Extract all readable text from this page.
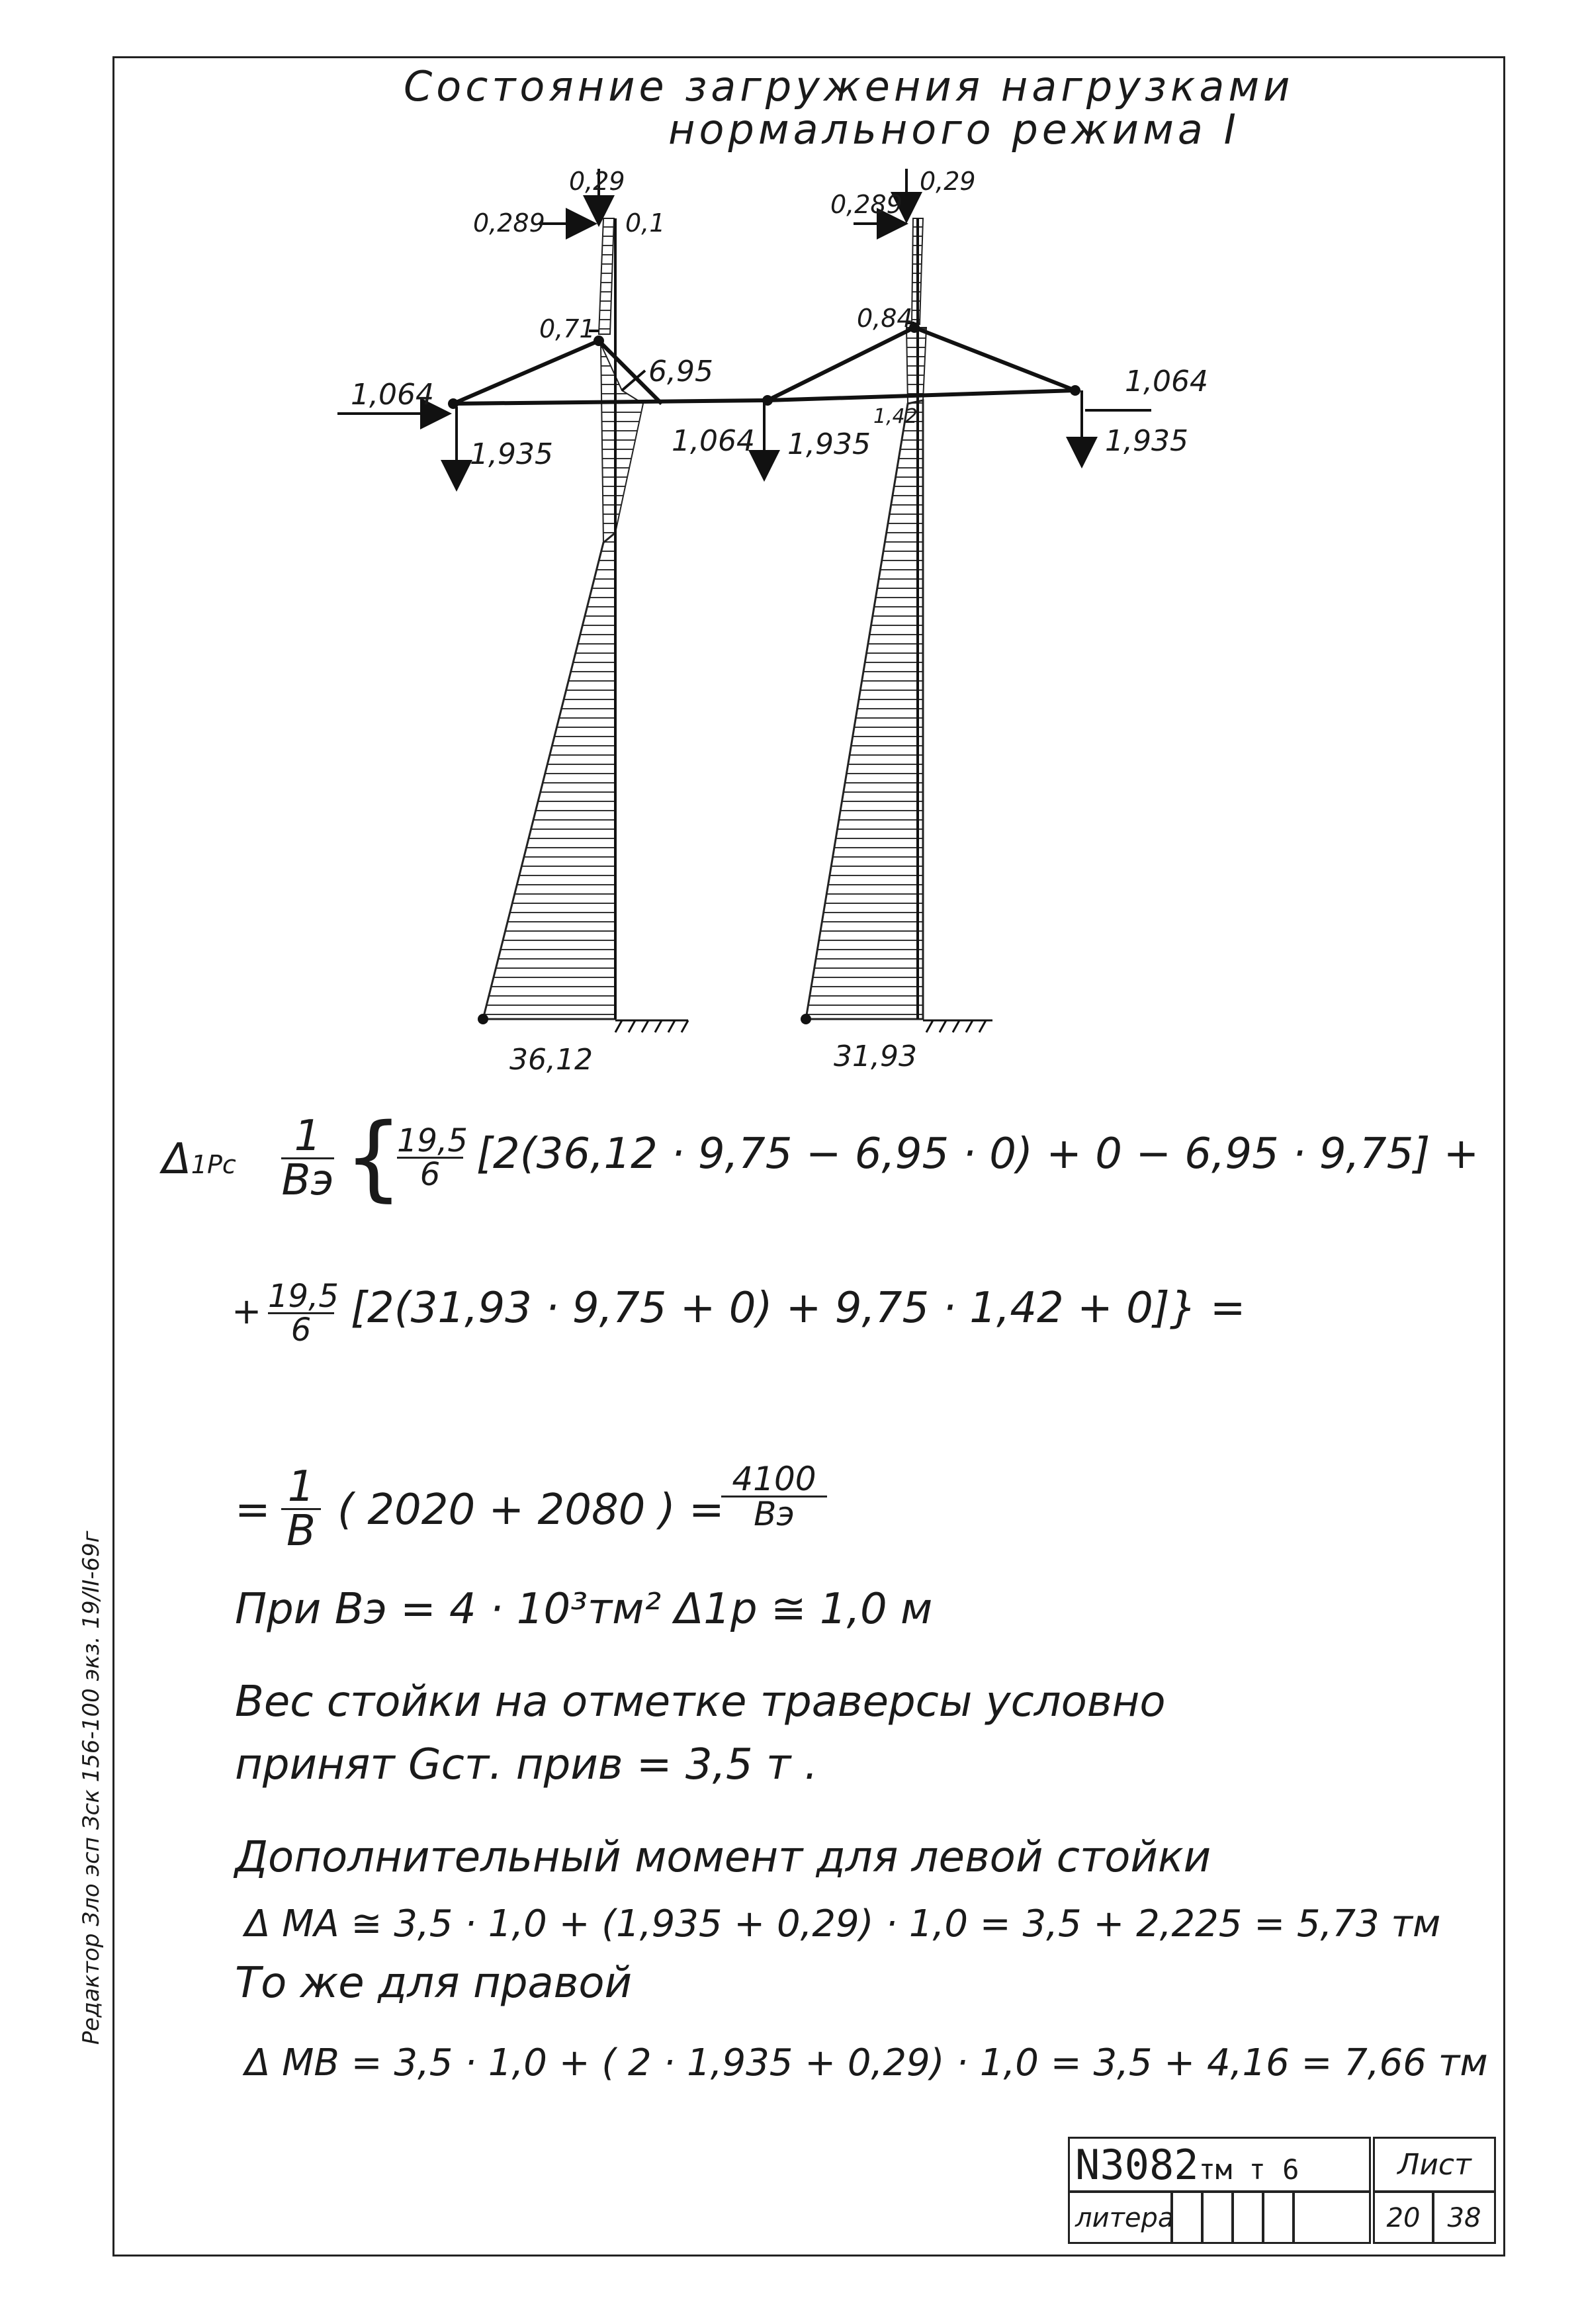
Состояние загружения нагрузками
нормального режима I
0,29
0,289	0,1
0,71
6,95
1,064
1,935	1,064 1,935
0,289
0,29
0,84
1,42
1,064
1,935
36,12	31,93
Δ1Pc
1
Bэ {
19,5
6 [2(36,12 · 9,75 − 6,95 · 0) + 0 − 6,95 · 9,75] +
+ 19,5
6 [2(31,93 · 9,75 + 0) + 9,75 · 1,42 + 0]} =
= 1
B ( 2020 + 2080 ) =
4100
Bэ
При Bэ = 4 · 10³тм² Δ1p ≅ 1,0 м
Вес стойки на отметке траверсы условно
принят Gст. прив = 3,5 т .
Дополнительный момент для левой стойки
Δ MA ≅ 3,5 · 1,0 + (1,935 + 0,29) · 1,0 = 3,5 + 2,225 = 5,73 тм
То же для правой
Δ MB = 3,5 · 1,0 + ( 2 · 1,935 + 0,29) · 1,0 = 3,5 + 4,16 = 7,66 тм
Редактор Зло эсп Зск 156-100 экз. 19/II-69г
N3082тм т 6	Лист
литера	20	38
